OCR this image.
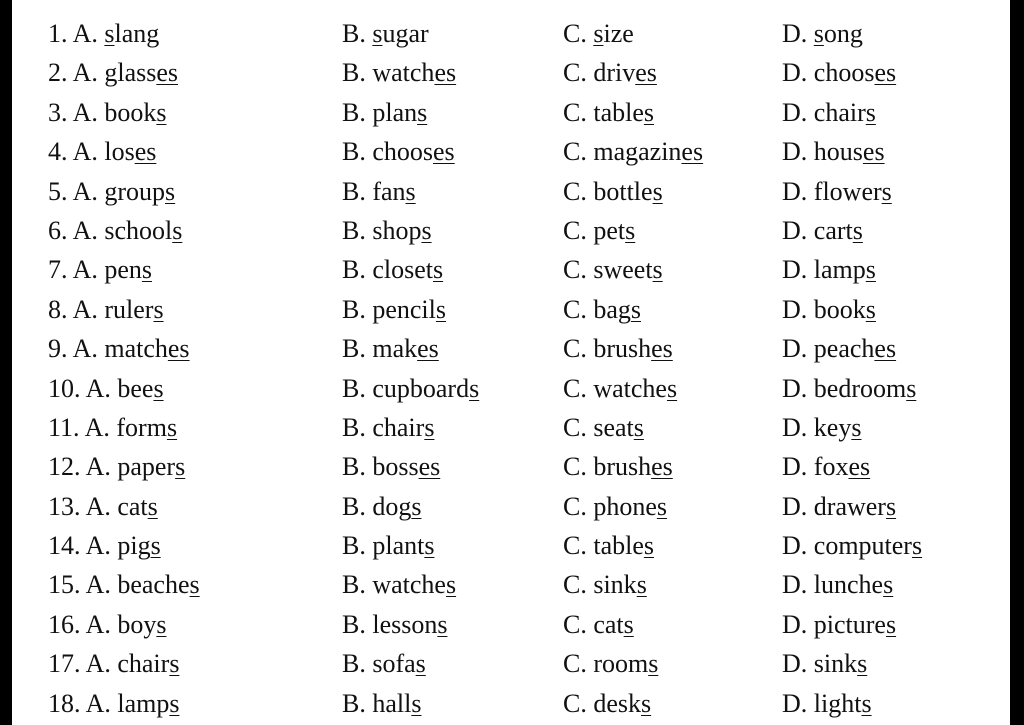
1. A. slang	B. sugar	C. size	D. song
2. A. glasses	B. watches	C. drives	D. chooses
3. A. books	B. plans	C. tables	D. chairs
4. A. loses	B. chooses	C. magazines	D. houses
5. A. groups	B. fans	C. bottles	D. flowers
6. A. schools	B. shops	C. pets	D. carts
7. A. pens	B. closets	C. sweets	D. lamps
8. A. rulers	B. pencils	C. bags	D. books
9. A. matches	B. makes	C. brushes	D. peaches
10. A. bees	B. cupboards	C. watches	D. bedrooms
11. A. forms	B. chairs	C. seats	D. keys
12. A. papers	B. bosses	C. brushes	D. foxes
13. A. cats	B. dogs	C. phones	D. drawers
14. A. pigs	B. plants	C. tables	D. computers
15. A. beaches	B. watches	C. sinks	D. lunches
16. A. boys	B. lessons	C. cats	D. pictures
17. A. chairs	B. sofas	C. rooms	D. sinks
18. A. lamps	B. halls	C. desks	D. lights
